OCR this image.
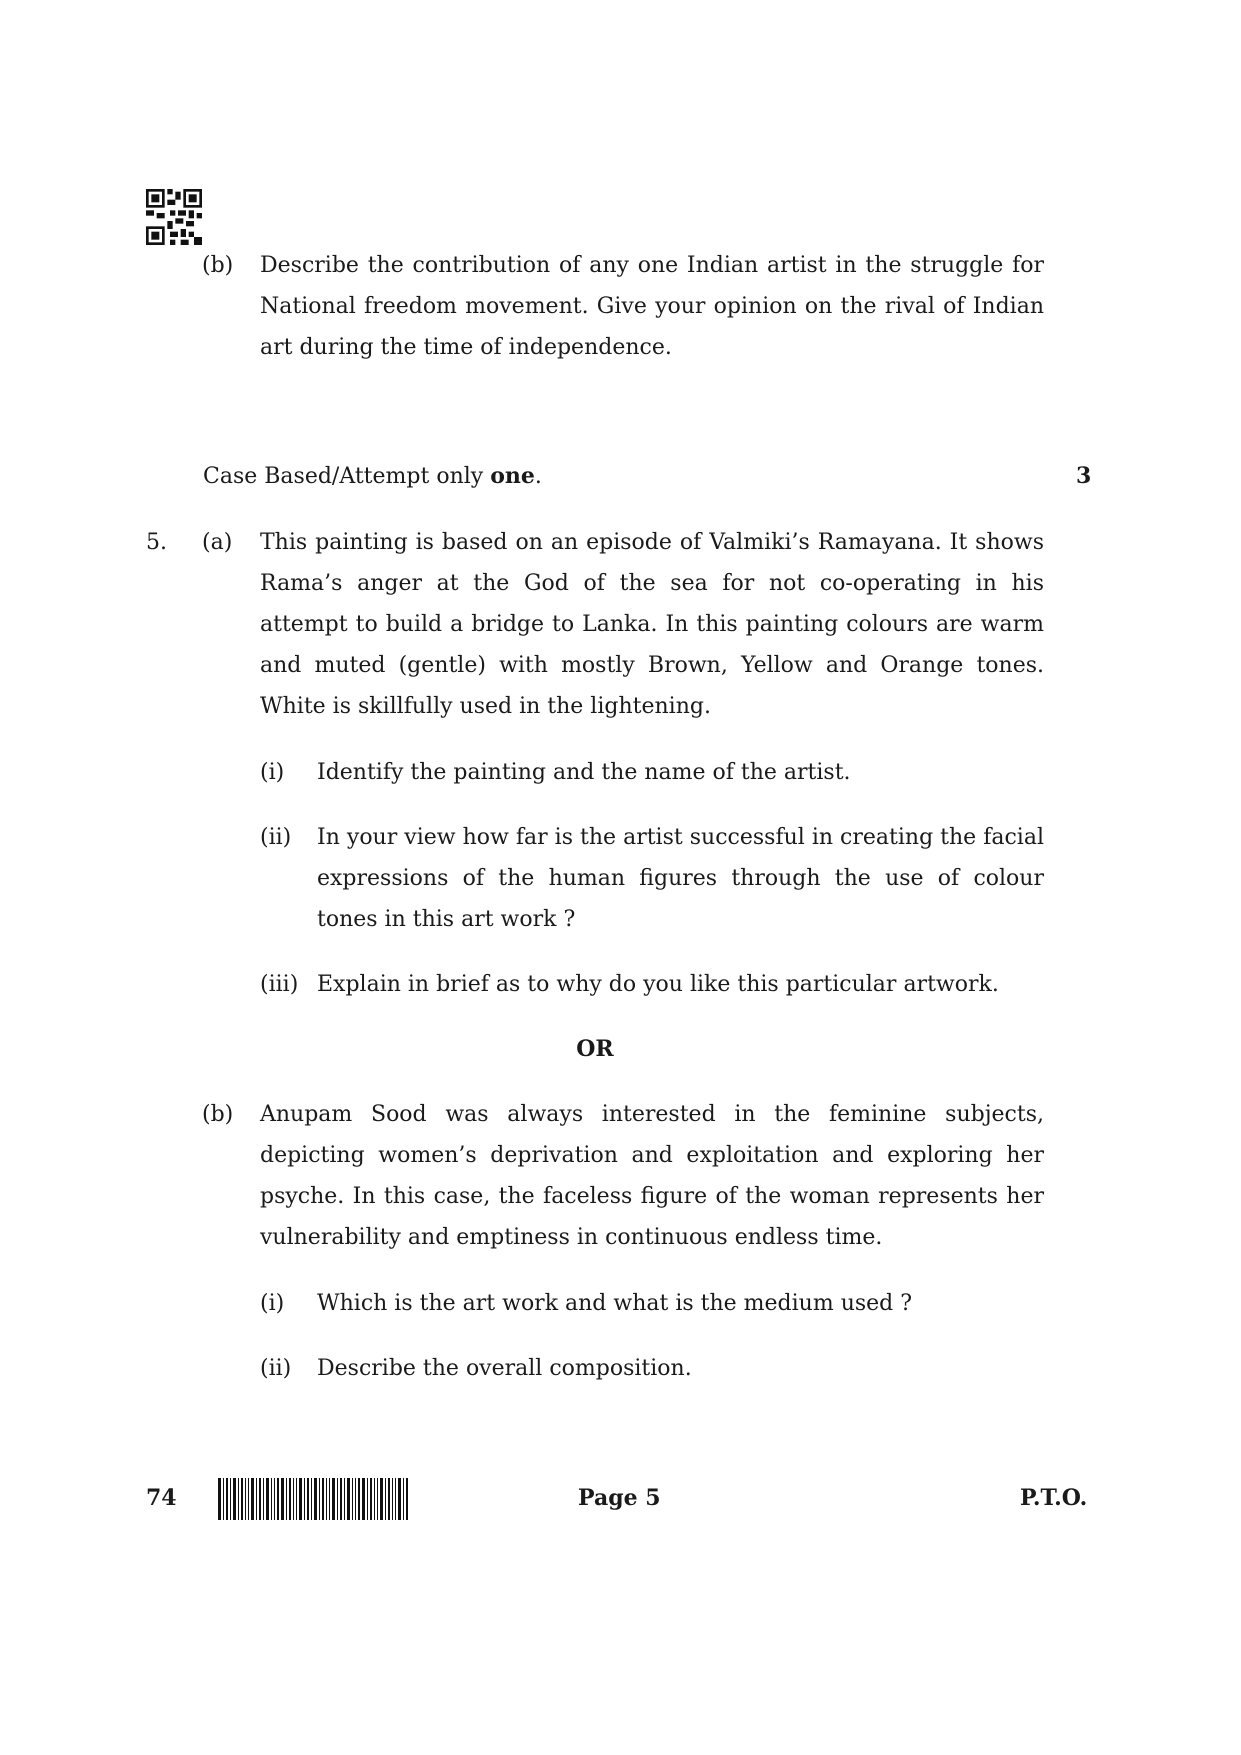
(b) Describe the contribution of any one Indian artist in the struggle for National freedom movement. Give your opinion on the rival of Indian art during the time of independence.
Case Based/Attempt only one.	3
5. (a) This painting is based on an episode of Valmiki’s Ramayana. It shows Rama’s anger at the God of the sea for not co-operating in his attempt to build a bridge to Lanka. In this painting colours are warm and muted (gentle) with mostly Brown, Yellow and Orange tones. White is skillfully used in the lightening.
(i) Identify the painting and the name of the artist.
(ii) In your view how far is the artist successful in creating the facial expressions of the human figures through the use of colour tones in this art work ?
(iii) Explain in brief as to why do you like this particular artwork.
OR
(b) Anupam Sood was always interested in the feminine subjects, depicting women’s deprivation and exploitation and exploring her psyche. In this case, the faceless figure of the woman represents her vulnerability and emptiness in continuous endless time.
(i) Which is the art work and what is the medium used ?
(ii) Describe the overall composition.
74	Page 5	P.T.O.
